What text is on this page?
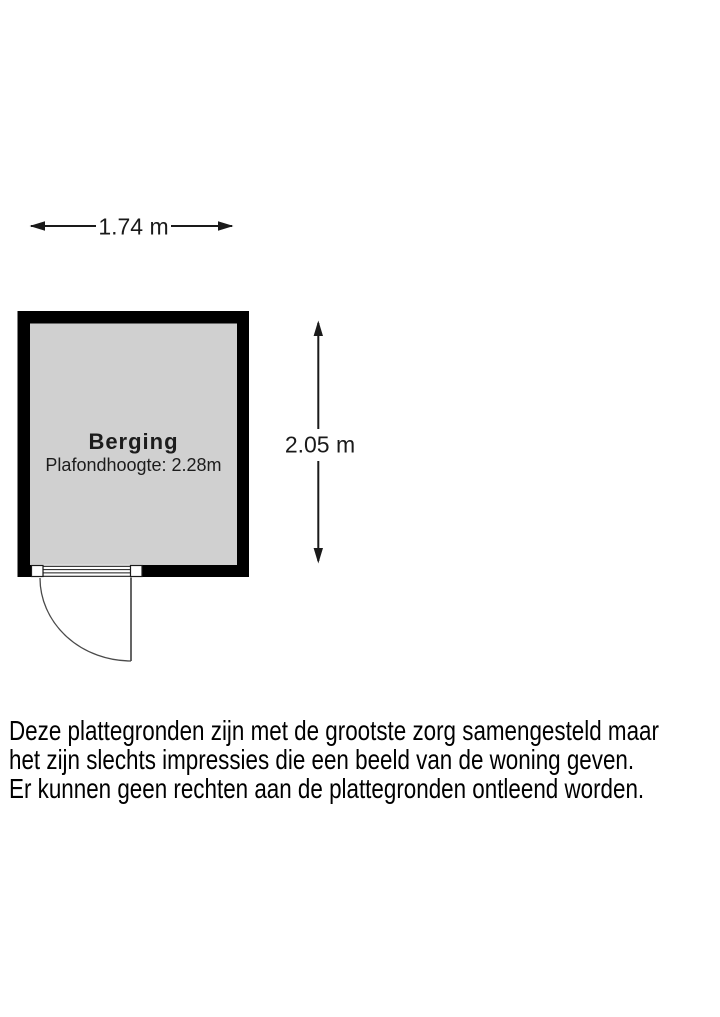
1.74 m
Berging
Plafondhoogte: 2.28m
2.05 m
Deze plattegronden zijn met de grootste zorg samengesteld maar
het zijn slechts impressies die een beeld van de woning geven.
Er kunnen geen rechten aan de plattegronden ontleend worden.
